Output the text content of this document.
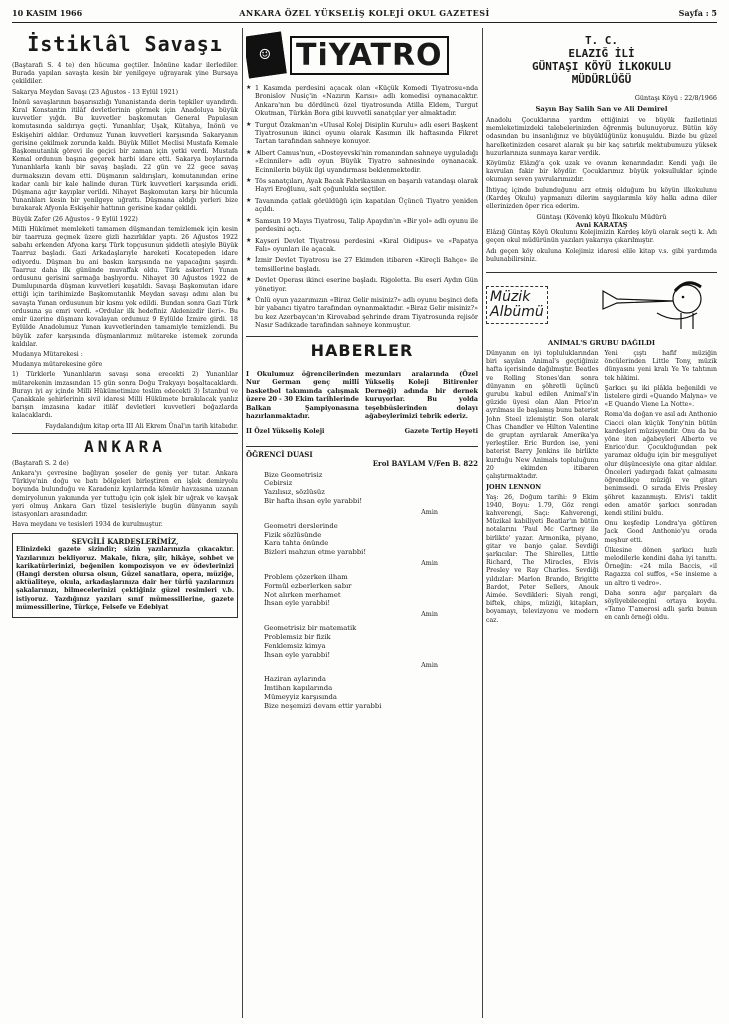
10 KASIM 1966	ANKARA ÖZEL YÜKSELİŞ KOLEJİ OKUL GAZETESİ	Sayfa : 5
İstiklâl Savaşı

(Baştarafı S. 4 te) den hücuma geçtiler. İnönüne kadar ilerlediler. Burada yapılan savaşta kesin bir yenilgeye uğrayarak yine Bursaya çekildiler.

Sakarya Meydan Savaşı (23 Ağustos - 13 Eylül 1921)

İnönü savaşlarının başarısızlığı Yunanistanda derin tepkiler uyandırdı. Kıral Konstantin itilâf devletlerinin görmek için Anadoluya büyük kuvvetler yığdı. Bu kuvvetler başkomutan General Papulasın komutasında saldırıya geçti. Yunanlılar, Uşak, Kütahya, İnönü ve Eskişehiri aldılar. Ordumuz Yunan kuvvetleri karşısında Sakaryanın gerisine çekilmek zorunda kaldı. Büyük Millet Meclisi Mustafa Kemale Başkomutanlık görevi ile geçici bir zaman için yetki verdi. Mustafa Kemal ordunun başına geçerek harbi idare etti. Sakarya boylarında Yunanlılarla kanlı bir savaş başladı. 22 gün ve 22 gece savaş durmaksızın devam etti. Düşmanın saldırışları, komutanından erine kadar canlı bir kale halinde duran Türk kuvvetleri karşısında eridi. Düşmana ağır kayıplar verildi. Nihayet Başkomutan karşı bir hücumla Yunanlıları kesin bir yenilgeye uğrattı. Düşmana aldığı yerleri bize bırakarak Afyonla Eskişehir hattının gerisine kadar çekildi.

Büyük Zafer (26 Ağustos - 9 Eylül 1922)

Milli Hükümet memleketi tamamen düşmandan temizlemek için kesin bir taarruza geçmek üzere gizli hazırlıklar yaptı. 26 Ağustos 1922 sabahı erkenden Afyona karşı Türk topçusunun şiddetli ateşiyle Büyük Taarruz başladı. Gazi Arkadaşlarıyle hareketi Kocatepeden idare ediyordu. Düşman bu ani baskın karşısında ne yapacağını şaşırdı. Taarruz daha ilk gününde muvaffak oldu. Türk askerleri Yunan ordusunu gerisini sarmağa başlıyordu. Nihayet 30 Ağustos 1922 de Dumlupınarda düşman kuvvetleri kuşatıldı. Savaşı Başkomutan idare ettiği için tarihimizde Başkomutanlık Meydan savaşı adını alan bu savaşta Yunan ordusunun bir kısmı yok edildi. Bundan sonra Gazi Türk ordusuna şu emri verdi. «Ordular ilk hedefiniz Akdenizdir ileri». Bu emir üzerine düşmanı kovalayan ordumuz 9 Eylülde İzmire girdi. 18 Eylülde Anadolumuz Yunan kuvvetlerinden tamamiyle temizlendi. Bu büyük zafer karşısında düşmanlarımız mütareke istemek zorunda kaldılar.

Mudanya Mütarekesi :

Mudanya mütarekesine göre

1) Türklerle Yunanlıların savaşı sona erecekti 2) Yunanlılar mütarekenin imzasından 15 gün sonra Doğu Trakyayı boşaltacaklardı. Burayı iyi ay içinde Milli Hükümetimize teslim edecekti 3) İstanbul ve Çanakkale şehirlerinin sivil idaresi Milli Hükümete bırakılacak yanlız barışın imzasına kadar itilâf devletleri kuvvetleri boğazlarda kalacaklardı.

Faydalandığım kitap orta III Ali Ekrem Ünal'ın tarih kitabıdır.

ANKARA

(Baştarafı S. 2 de)

Ankara'yı çevresine bağlıyan şoseler de geniş yer tutar. Ankara Türkiye'nin doğu ve batı bölgeleri birleştiren en işlek demiryolu boyunda bulunduğu ve Karadeniz kıyılarında kömür havzasına uzanan demiryolunun yakınında yer tuttuğu için çok işlek bir uğrak ve kavşak yeri olmuş Ankara Garı tüzel tesisleriyle bugün dünyanın sayılı istasyonları arasındadır.

Hava meydanı ve tesisleri 1934 de kurulmuştur.

SEVGİLİ KARDEŞLERİMİZ,

Elinizdeki gazete sizindir; sizin yazılarınızla çıkacaktır. Yazılarınızı bekliyoruz. Makale, fıkra, şiir, hikâye, sohbet ve karikatürlerinizi, beğenilen kompozisyon ve ev ödevlerinizi (Hangi dersten olursa olsun, Güzel sanatlara, opera, müziğe, aktüaliteye, okula, arkadaşlarınıza dair her türlü yazılarınızı şakalarınızı, bilmecelerinizi çektiğiniz güzel resimleri v.b. istiyoruz. Yazdığınız yazıları sınıf mümessillerine, gazete mümessillerine, Türkçe, Felsefe ve Edebiyat

☺ TiYATRO
★ 1 Kasımda perdesini açacak olan «Küçük Komedi Tiyatrosu»nda Bronislov Nusiç'in «Nazırın Karısı» adlı komedisi oynanacaktır. Ankara'nın bu dördüncü özel tiyatrosunda Atilla Eldem, Turgut Okutman, Türkân Bora gibi kuvvetli sanatçılar yer almaktadır.
★ Turgut Özakman'ın «Ulusal Kolej Disiplin Kurulu» adlı eseri Başkent Tiyatrosunun ikinci oyunu olarak Kasımın ilk haftasında Fikret Tartan tarafından sahneye konuyor.
★ Albert Camus'nun, «Dosteyevski'nin romanından sahneye uyguladığı «Ecinniler» adlı oyun Büyük Tiyatro sahnesinde oynanacak. Ecinnilerin büyük ilgi uyandırması beklenmektedir.
★ Tös sanatçıları, Ayak Bacak Fabrikasının en başarılı vatandaşı olarak Hayri Eroğlunu, salt çoğunlukla seçtiler.
★ Tavanında çatlak görüldüğü için kapatılan Üçüncü Tiyatro yeniden açıldı.
★ Samsun 19 Mayıs Tiyatrosu, Talip Apaydın'ın «Bir yol» adlı oyunu ile perdesini açtı.
★ Kayseri Devlet Tiyatrosu perdesini «Kıral Oidipus» ve «Papatya Falı» oyunları ile açacak.
★ İzmir Devlet Tiyatrosu ise 27 Ekimden itibaren «Kireçli Bahçe» ile temsillerine başladı.
★ Devlet Operası ikinci eserine başladı. Rigoletta. Bu eseri Aydın Gün yönetiyor.
★ Ünlü oyun yazarımızın «Biraz Gelir misiniz?» adlı oyunu beşinci defa bir yabancı tiyatro tarafından oynanmaktadır. «Biraz Gelir misiniz?» bu kez Azerbaycan'ın Kirovabad şehrinde dram Tiyatrosunda rejisör Nasır Sadıkzade tarafından sahneye konmuştur.
HABERLER

I Okulumuz öğrencilerinden Nur German genç millî basketbol takımında çalışmak üzere 20 - 30 Ekim tarihlerinde Balkan Şampiyonasına hazırlanmaktadır.

II Özel Yükseliş Koleji

mezunları aralarında (Özel Yükseliş Koleji Bitirenler Derneği) adında bir dernek kuruyorlar. Bu yolda teşebbüslerinden dolayı ağabeylerimizi tebrik ederiz.

Gazete Tertip Heyeti

ÖĞRENCİ DUASI
Erol BAYLAM V/Fen B. 822
Bize Geometrisiz
Cebirsiz
Yazılısız, sözlüsüz
Bir hafta ihsan eyle yarabbi!
Amin
Geometri derslerinde
Fizik sözlüsünde
Kara tahta önünde
Bizleri mahzun etme yarabbi!
Amin
Problem çözerken ilham
Formül ezberlerken sabır
Not alırken merhamet
İhsan eyle yarabbi!
Amin
Geometrisiz bir matematik
Problemsiz bir fizik
Fenklemsiz kimya
İhsan eyle yarabbi!
Amin
Haziran aylarında
İmtihan kapılarında
Mümeyyiz karşısında
Bize neşemizi devam ettir yarabbi
T. C.
ELAZIĞ İLİ
GÜNTAŞI KÖYÜ İLKOKULU
MÜDÜRLÜĞÜ
Güntaşı Köyü : 22/8/1966
Sayın Bay Salih San ve Ali Demirel

Anadolu Çocuklarına yardım ettiğinizi ve büyük faziletinizi memleketimizdeki talebelerinizden öğrenmiş bulunuyoruz. Bütün köy odasından bu insanlığınız ve büyüklüğünüz konuşuldu. Bizde bu güzel harelketinizden cesaret alarak şu bir kaç satırlık mektubumuzu yüksek huzurlarınıza sunmaya karar verdik.

Köyümüz Elâzığ'a çok uzak ve ovanın kenarındadır. Kendi yağı ile kavrulan fakir bir köydür. Çocuklarımız büyük yoksulluklar içinde okumayı seven yavrularımızdır.

İhtiyaç içinde bulunduğunu arz etmiş olduğum bu köyün ilkokulunu (Kardeş Okulu) yapmanızı dilerim saygılarımla köy halkı adına diler ellerinizden öper rica ederim.

Güntaşı (Kövenk) köyü İlkokulu Müdürü
Avni KARATAŞ

Elâzığ Güntaş Köyü Okulunu Kolejimizin Kardeş köyü olarak seçti k. Adı geçen okul müdürünün yazıları yakarıya çıkarılmıştır.

Adı geçen köy okuluna Kolejimiz idaresi elile kitap v.s. gibi yardımda bulunabilirsiniz.

Müzik
Albümü
ANİMAL'S GRUBU DAĞILDI

Dünyanın en iyi topluluklarından biri sayılan Animal's geçtiğimiz hafta içerisinde dağılmıştır. Beatles ve Rolling Stones'dan sonra dünyanın en şöhretli üçüncü gurubu kabul edilen Animal's'in güzide üyesi olan Alan Price'ın ayrılması ile başlamış bunu baterist John Steel izlemiştir. Son olarak Chas Chandler ve Hilton Valentine de gruptan ayrılarak Amerika'ya yerleştiler. Eric Burdon ise, yeni baterist Barry Jenkins ile birlikte kurduğu New Animals topluluğunu 20 ekimden itibaren çalıştırmaktadır.

JOHN LENNON

Yaş: 26, Doğum tarihi: 9 Ekim 1940, Boyu: 1.79, Göz rengi kahverengi, Saçı: Kahverengi, Müzikal kabiliyeti Beatlar'ın bütün notalarını 'Paul Mc Cartney ile birlikte' yazar. Armonika, piyano, gitar ve banjo çalar. Sevdiği şarkıcılar: The Shirelles, Little Richard, The Miracles, Elvis Presley ve Ray Charles. Sevdiği yıldızlar: Marlon Brando, Brigitte Bardot, Peter Sellers, Anouk Aimée. Sevdikleri: Siyah rengi, biftek, chips, müziği, kitapları, boyamayı, televizyonu ve modern caz.

Yeni çıştı hafif müziğin öncülerinden Little Tony, müzik dünyasını yeni kralı Ye Ye tahtının tek hâkimi.

Şarkıcı şu iki plâkla beğenildi ve listelere girdi «Quando Malyna» ve «E Quando Viene La Notte».

Roma'da doğan ve asıl adı Anthonio Ciacci olan küçük Tony'nin bütün kardeşleri müzisyendir. Onu da bu yöne iten ağabeyleri Alberto ve Enrico'dur. Çocukluğundan pek yaramaz olduğu için bir meşguliyet olur düşüncesiyle ona gitar aldılar. Önceleri yadırgadı fakat çalmasını öğrendikçe müziği ve gitarı benimsedi. O sırada Elvis Presley şöhret kazanmıştı. Elvis'i taklit eden amatör şarkıcı sonradan kendi stilini buldu.

Onu keşfedip Londra'ya götüren Jack Good Anthonio'yu orada meşhur etti.

Ülkesine dönen şarkıcı hızlı melodilerle kendini daha iyi tanıttı. Örneğin: «24 mila Baccis, «il Ragazza col suffos, «Se insieme a un altro ti vedro».

Daha sonra ağır parçaları da söyliyebilecegini ortaya koydu. «Tamo T'amerosi adlı şarkı bunun en canlı örneği oldu.
